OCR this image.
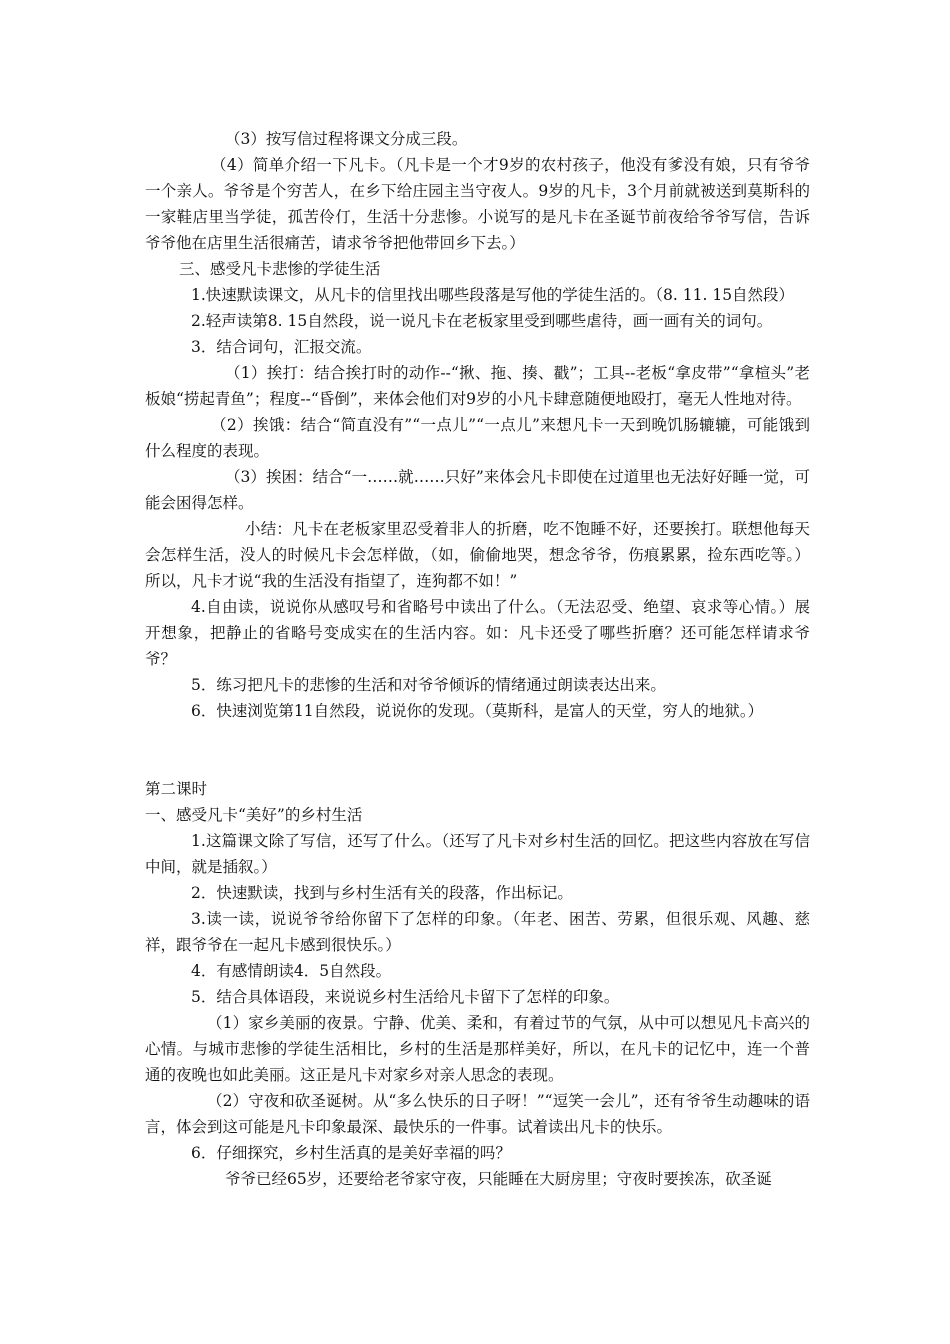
（3）按写信过程将课文分成三段。

（4）简单介绍一下凡卡。（凡卡是一个才9岁的农村孩子，他没有爹没有娘，只有爷爷一个亲人。爷爷是个穷苦人，在乡下给庄园主当守夜人。9岁的凡卡，3个月前就被送到莫斯科的一家鞋店里当学徒，孤苦伶仃，生活十分悲惨。小说写的是凡卡在圣诞节前夜给爷爷写信，告诉爷爷他在店里生活很痛苦，请求爷爷把他带回乡下去。）

三、感受凡卡悲惨的学徒生活

1.快速默读课文，从凡卡的信里找出哪些段落是写他的学徒生活的。（8. 11. 15自然段）

2.轻声读第8. 15自然段，说一说凡卡在老板家里受到哪些虐待，画一画有关的词句。

3．结合词句，汇报交流。

（1）挨打：结合挨打时的动作--“揪、拖、揍、戳”；工具--老板“拿皮带”“拿楦头”老板娘“捞起青鱼”；程度--“昏倒”，来体会他们对9岁的小凡卡肆意随便地殴打，毫无人性地对待。

（2）挨饿：结合“简直没有”“一点儿”“一点儿”来想凡卡一天到晚饥肠辘辘，可能饿到什么程度的表现。

（3）挨困：结合“一……就……只好”来体会凡卡即使在过道里也无法好好睡一觉，可能会困得怎样。

小结：凡卡在老板家里忍受着非人的折磨，吃不饱睡不好，还要挨打。联想他每天会怎样生活，没人的时候凡卡会怎样做，（如，偷偷地哭，想念爷爷，伤痕累累，捡东西吃等。）所以，凡卡才说“我的生活没有指望了，连狗都不如！”

4.自由读，说说你从感叹号和省略号中读出了什么。（无法忍受、绝望、哀求等心情。）展开想象，把静止的省略号变成实在的生活内容。如：凡卡还受了哪些折磨？还可能怎样请求爷爷？

5．练习把凡卡的悲惨的生活和对爷爷倾诉的情绪通过朗读表达出来。

6．快速浏览第11自然段，说说你的发现。（莫斯科，是富人的天堂，穷人的地狱。）

第二课时

一、感受凡卡“美好”的乡村生活

1.这篇课文除了写信，还写了什么。（还写了凡卡对乡村生活的回忆。把这些内容放在写信中间，就是插叙。）

2．快速默读，找到与乡村生活有关的段落，作出标记。

3.读一读，说说爷爷给你留下了怎样的印象。（年老、困苦、劳累，但很乐观、风趣、慈祥，跟爷爷在一起凡卡感到很快乐。）

4．有感情朗读4．5自然段。

5．结合具体语段，来说说乡村生活给凡卡留下了怎样的印象。

（1）家乡美丽的夜景。宁静、优美、柔和，有着过节的气氛，从中可以想见凡卡高兴的心情。与城市悲惨的学徒生活相比，乡村的生活是那样美好，所以，在凡卡的记忆中，连一个普通的夜晚也如此美丽。这正是凡卡对家乡对亲人思念的表现。

（2）守夜和砍圣诞树。从“多么快乐的日子呀！”“逗笑一会儿”，还有爷爷生动趣味的语言，体会到这可能是凡卡印象最深、最快乐的一件事。试着读出凡卡的快乐。

6．仔细探究，乡村生活真的是美好幸福的吗？

爷爷已经65岁，还要给老爷家守夜，只能睡在大厨房里；守夜时要挨冻，砍圣诞
